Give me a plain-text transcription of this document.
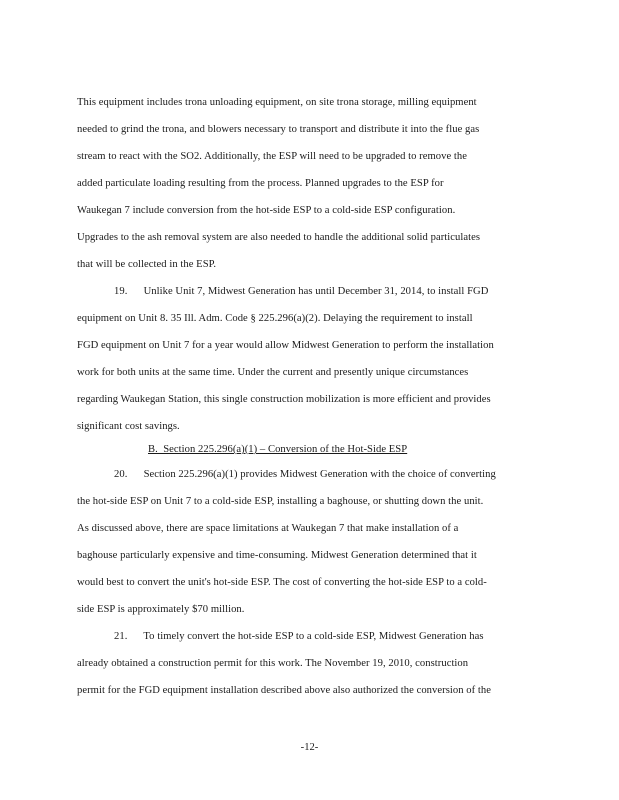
This equipment includes trona unloading equipment, on site trona storage, milling equipment
needed to grind the trona, and blowers necessary to transport and distribute it into the flue gas
stream to react with the SO2. Additionally, the ESP will need to be upgraded to remove the
added particulate loading resulting from the process. Planned upgrades to the ESP for
Waukegan 7 include conversion from the hot-side ESP to a cold-side ESP configuration.
Upgrades to the ash removal system are also needed to handle the additional solid particulates
that will be collected in the ESP.
19.      Unlike Unit 7, Midwest Generation has until December 31, 2014, to install FGD
equipment on Unit 8. 35 Ill. Adm. Code § 225.296(a)(2). Delaying the requirement to install
FGD equipment on Unit 7 for a year would allow Midwest Generation to perform the installation
work for both units at the same time. Under the current and presently unique circumstances
regarding Waukegan Station, this single construction mobilization is more efficient and provides
significant cost savings.
B.  Section 225.296(a)(1) – Conversion of the Hot-Side ESP
20.      Section 225.296(a)(1) provides Midwest Generation with the choice of converting
the hot-side ESP on Unit 7 to a cold-side ESP, installing a baghouse, or shutting down the unit.
As discussed above, there are space limitations at Waukegan 7 that make installation of a
baghouse particularly expensive and time-consuming. Midwest Generation determined that it
would best to convert the unit's hot-side ESP. The cost of converting the hot-side ESP to a cold-
side ESP is approximately $70 million.
21.      To timely convert the hot-side ESP to a cold-side ESP, Midwest Generation has
already obtained a construction permit for this work. The November 19, 2010, construction
permit for the FGD equipment installation described above also authorized the conversion of the
-12-
